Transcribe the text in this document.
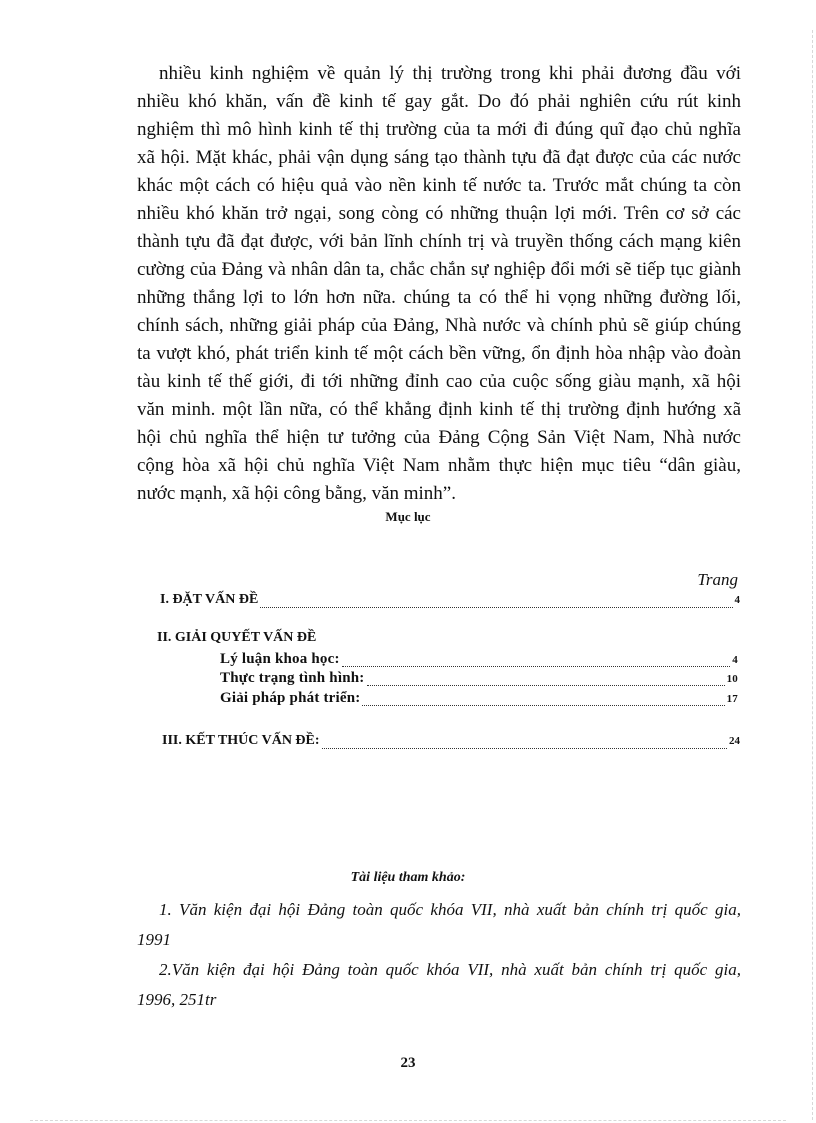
nhiều kinh nghiệm về quản lý thị trường trong khi phải đương đầu với
nhiều khó khăn, vấn đề kinh tế gay gắt. Do đó phải nghiên cứu rút kinh
nghiệm thì mô hình kinh tế thị trường của ta mới đi đúng quĩ đạo chủ nghĩa
xã hội. Mặt khác, phải vận dụng sáng tạo thành tựu đã đạt được của các nước
khác một cách có hiệu quả vào nền kinh tế nước ta. Trước mắt chúng ta còn
nhiều khó khăn trở ngại, song còng có những thuận lợi mới. Trên cơ sở các
thành tựu đã đạt được, với bản lĩnh chính trị và truyền thống cách mạng kiên
cường của Đảng và nhân dân ta, chắc chắn sự nghiệp đổi mới sẽ tiếp tục giành
những thắng lợi to lớn hơn nữa. chúng ta có thể hi vọng những đường lối,
chính sách, những giải pháp của Đảng, Nhà nước và chính phủ sẽ giúp chúng
ta vượt khó, phát triển kinh tế một cách bền vững, ổn định hòa nhập vào đoàn
tàu kinh tế thế giới, đi tới những đỉnh cao của cuộc sống giàu mạnh, xã hội
văn minh. một lần nữa, có thể khẳng định kinh tế thị trường định hướng xã
hội chủ nghĩa thể hiện tư tưởng của Đảng Cộng Sản Việt Nam, Nhà nước
cộng hòa xã hội chủ nghĩa Việt Nam nhằm thực hiện mục tiêu “dân giàu,
nước mạnh, xã hội công bằng, văn minh”.
Mục lục
Trang
I. ĐẶT VẤN ĐỀ	4
II. GIẢI QUYẾT VẤN ĐỀ
Lý luận khoa học:	4
Thực trạng tình hình:	10
Giải pháp phát triển:	17
III. KẾT THÚC VẤN ĐỀ:	24
Tài liệu tham khảo:
1. Văn kiện đại hội Đảng toàn quốc khóa VII, nhà xuất bản chính trị quốc gia,
1991
2.Văn kiện đại hội Đảng toàn quốc khóa VII, nhà xuất bản chính trị quốc gia,
1996, 251tr
23
